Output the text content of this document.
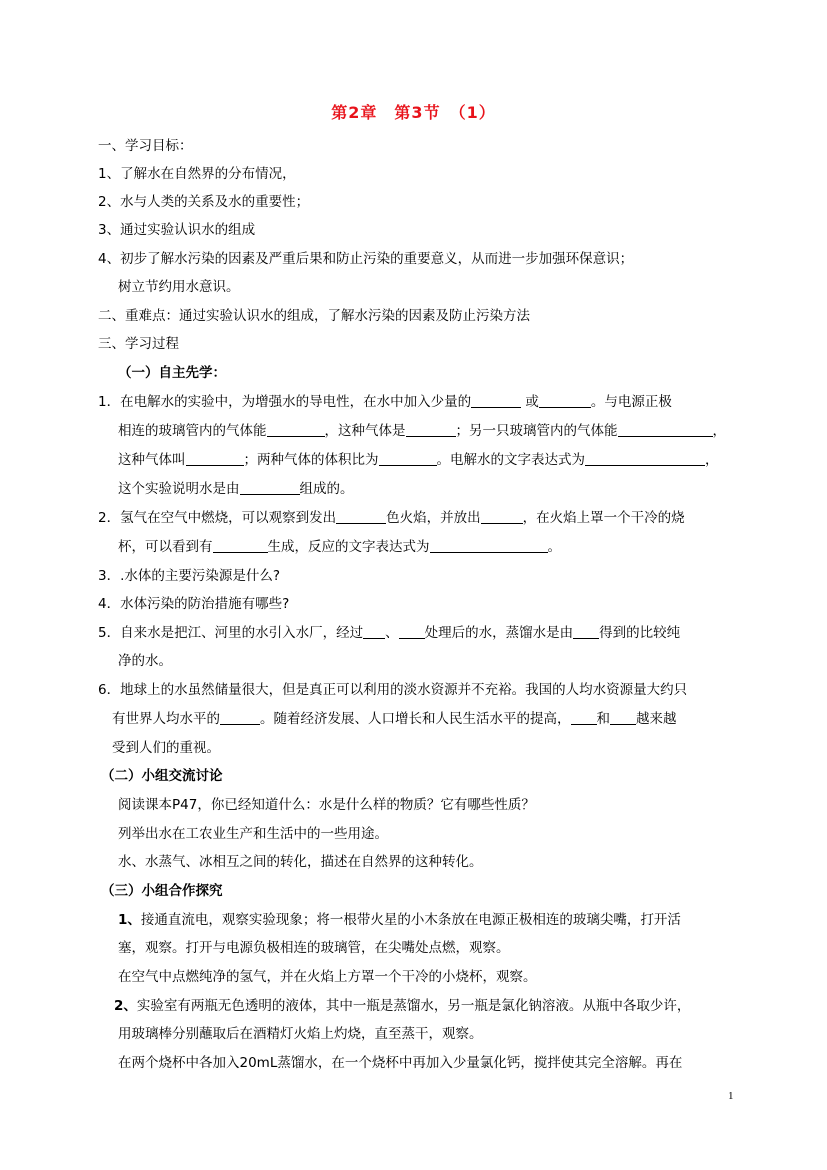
第2章　第3节　（1）
一、学习目标：
1、了解水在自然界的分布情况，
2、水与人类的关系及水的重要性；
3、通过实验认识水的组成
4、初步了解水污染的因素及严重后果和防止污染的重要意义，从而进一步加强环保意识；
树立节约用水意识。
二、重难点：通过实验认识水的组成，了解水污染的因素及防止污染方法
三、学习过程
（一）自主先学：
1．在电解水的实验中，为增强水的导电性，在水中加入少量的	或	。与电源正极
相连的玻璃管内的气体能	，这种气体是	；另一只玻璃管内的气体能	，
这种气体叫	；两种气体的体积比为	。电解水的文字表达式为	，
这个实验说明水是由	组成的。
2．氢气在空气中燃烧，可以观察到发出	色火焰，并放出	，在火焰上罩一个干冷的烧
杯，可以看到有	生成，反应的文字表达式为	。
3．.水体的主要污染源是什么?
4．水体污染的防治措施有哪些?
5．自来水是把江、河里的水引入水厂，经过 、 处理后的水，蒸馏水是由 得到的比较纯
净的水。
6．地球上的水虽然储量很大，但是真正可以利用的淡水资源并不充裕。我国的人均水资源量大约只
有世界人均水平的	。随着经济发展、人口增长和人民生活水平的提高， 和 越来越
受到人们的重视。
（二）小组交流讨论
阅读课本P47，你已经知道什么：水是什么样的物质？它有哪些性质？
列举出水在工农业生产和生活中的一些用途。
水、水蒸气、冰相互之间的转化，描述在自然界的这种转化。
（三）小组合作探究
1、接通直流电，观察实验现象；将一根带火星的小木条放在电源正极相连的玻璃尖嘴，打开活
塞，观察。打开与电源负极相连的玻璃管，在尖嘴处点燃，观察。
在空气中点燃纯净的氢气，并在火焰上方罩一个干冷的小烧杯，观察。
2、实验室有两瓶无色透明的液体，其中一瓶是蒸馏水，另一瓶是氯化钠溶液。从瓶中各取少许，
用玻璃棒分别蘸取后在酒精灯火焰上灼烧，直至蒸干，观察。
在两个烧杯中各加入20mL蒸馏水，在一个烧杯中再加入少量氯化钙，搅拌使其完全溶解。再在
1
